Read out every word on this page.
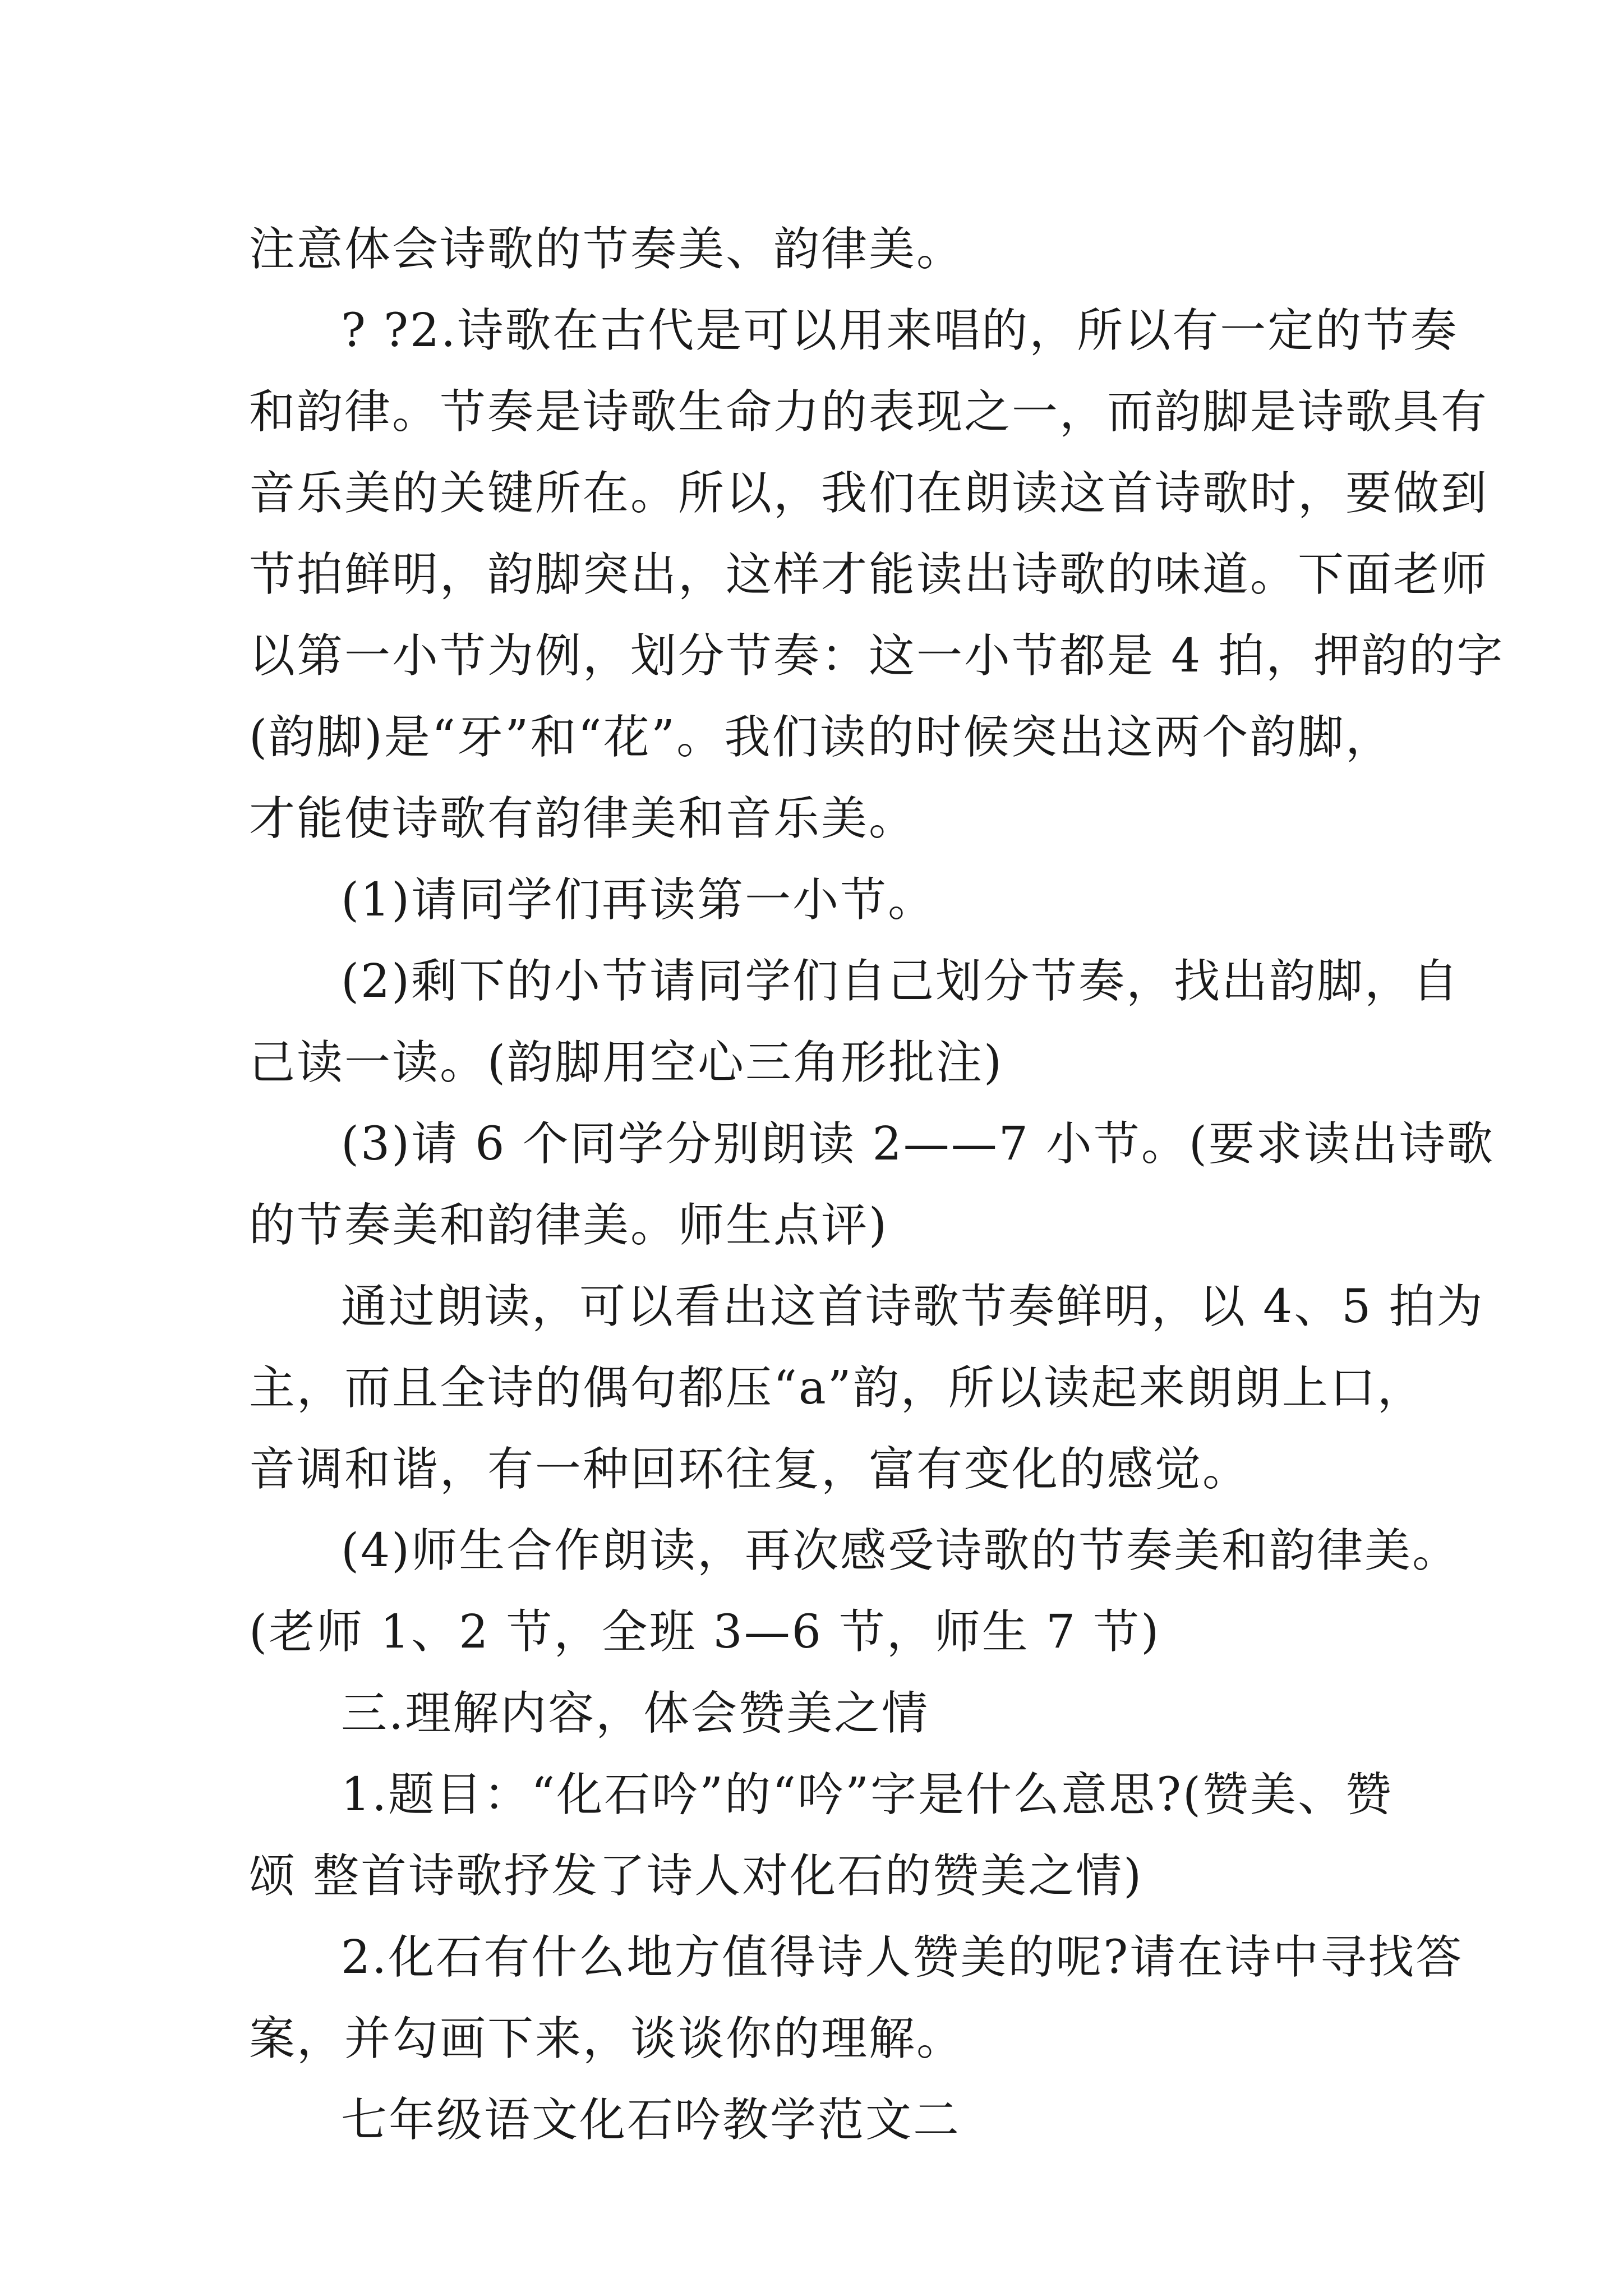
注意体会诗歌的节奏美、韵律美。
? ?2.诗歌在古代是可以用来唱的，所以有一定的节奏
和韵律。节奏是诗歌生命力的表现之一，而韵脚是诗歌具有
音乐美的关键所在。所以，我们在朗读这首诗歌时，要做到
节拍鲜明，韵脚突出，这样才能读出诗歌的味道。下面老师
以第一小节为例，划分节奏：这一小节都是 4 拍，押韵的字
(韵脚)是“牙”和“花”。我们读的时候突出这两个韵脚，
才能使诗歌有韵律美和音乐美。
(1)请同学们再读第一小节。
(2)剩下的小节请同学们自己划分节奏，找出韵脚，自
己读一读。(韵脚用空心三角形批注)
(3)请 6 个同学分别朗读 2——7 小节。(要求读出诗歌
的节奏美和韵律美。师生点评)
通过朗读，可以看出这首诗歌节奏鲜明，以 4、5 拍为
主，而且全诗的偶句都压“a”韵，所以读起来朗朗上口，
音调和谐，有一种回环往复，富有变化的感觉。
(4)师生合作朗读，再次感受诗歌的节奏美和韵律美。
(老师 1、2 节，全班 3—6 节，师生 7 节)
三.理解内容，体会赞美之情
1.题目：“化石吟”的“吟”字是什么意思?(赞美、赞
颂 整首诗歌抒发了诗人对化石的赞美之情)
2.化石有什么地方值得诗人赞美的呢?请在诗中寻找答
案，并勾画下来，谈谈你的理解。
七年级语文化石吟教学范文二
